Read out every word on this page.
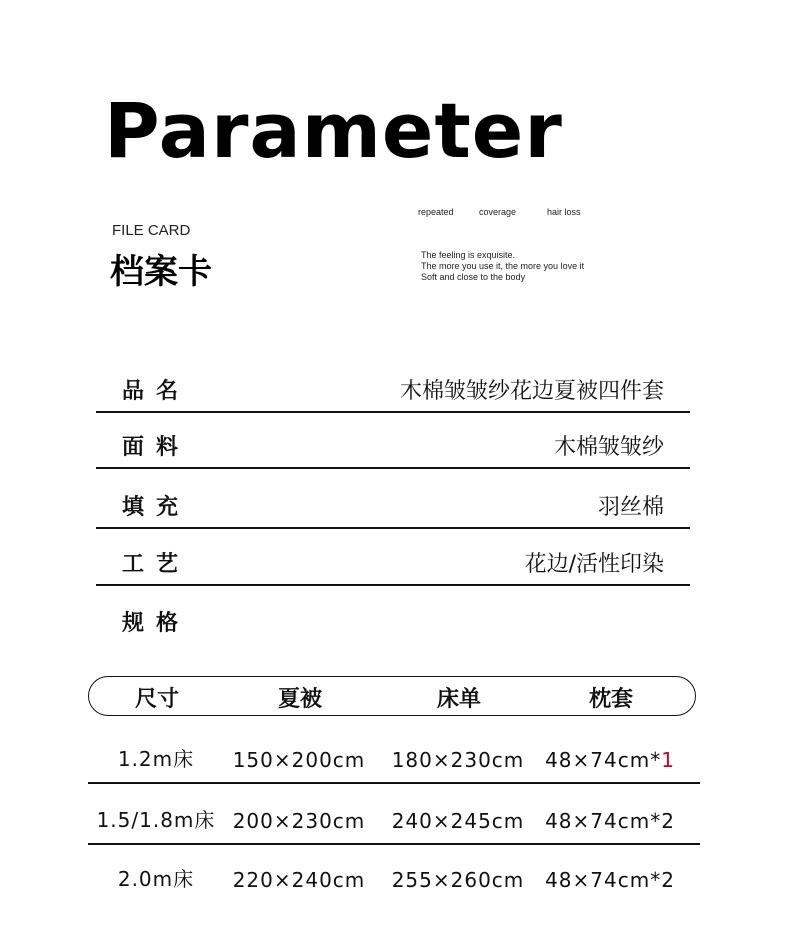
Parameter
repeated	coverage	hair loss
FILE CARD
档案卡	The feeling is exquisite.
The more you use it, the more you love it
Soft and close to the body
品名	木棉皱皱纱花边夏被四件套
面料	木棉皱皱纱
填充	羽丝棉
工艺	花边/活性印染
规格
尺寸	夏被	床单	枕套
1.2m床 150×200cm 180×230cm 48×74cm*1
1.5/1.8m床 200×230cm 240×245cm 48×74cm*2
2.0m床 220×240cm 255×260cm 48×74cm*2
